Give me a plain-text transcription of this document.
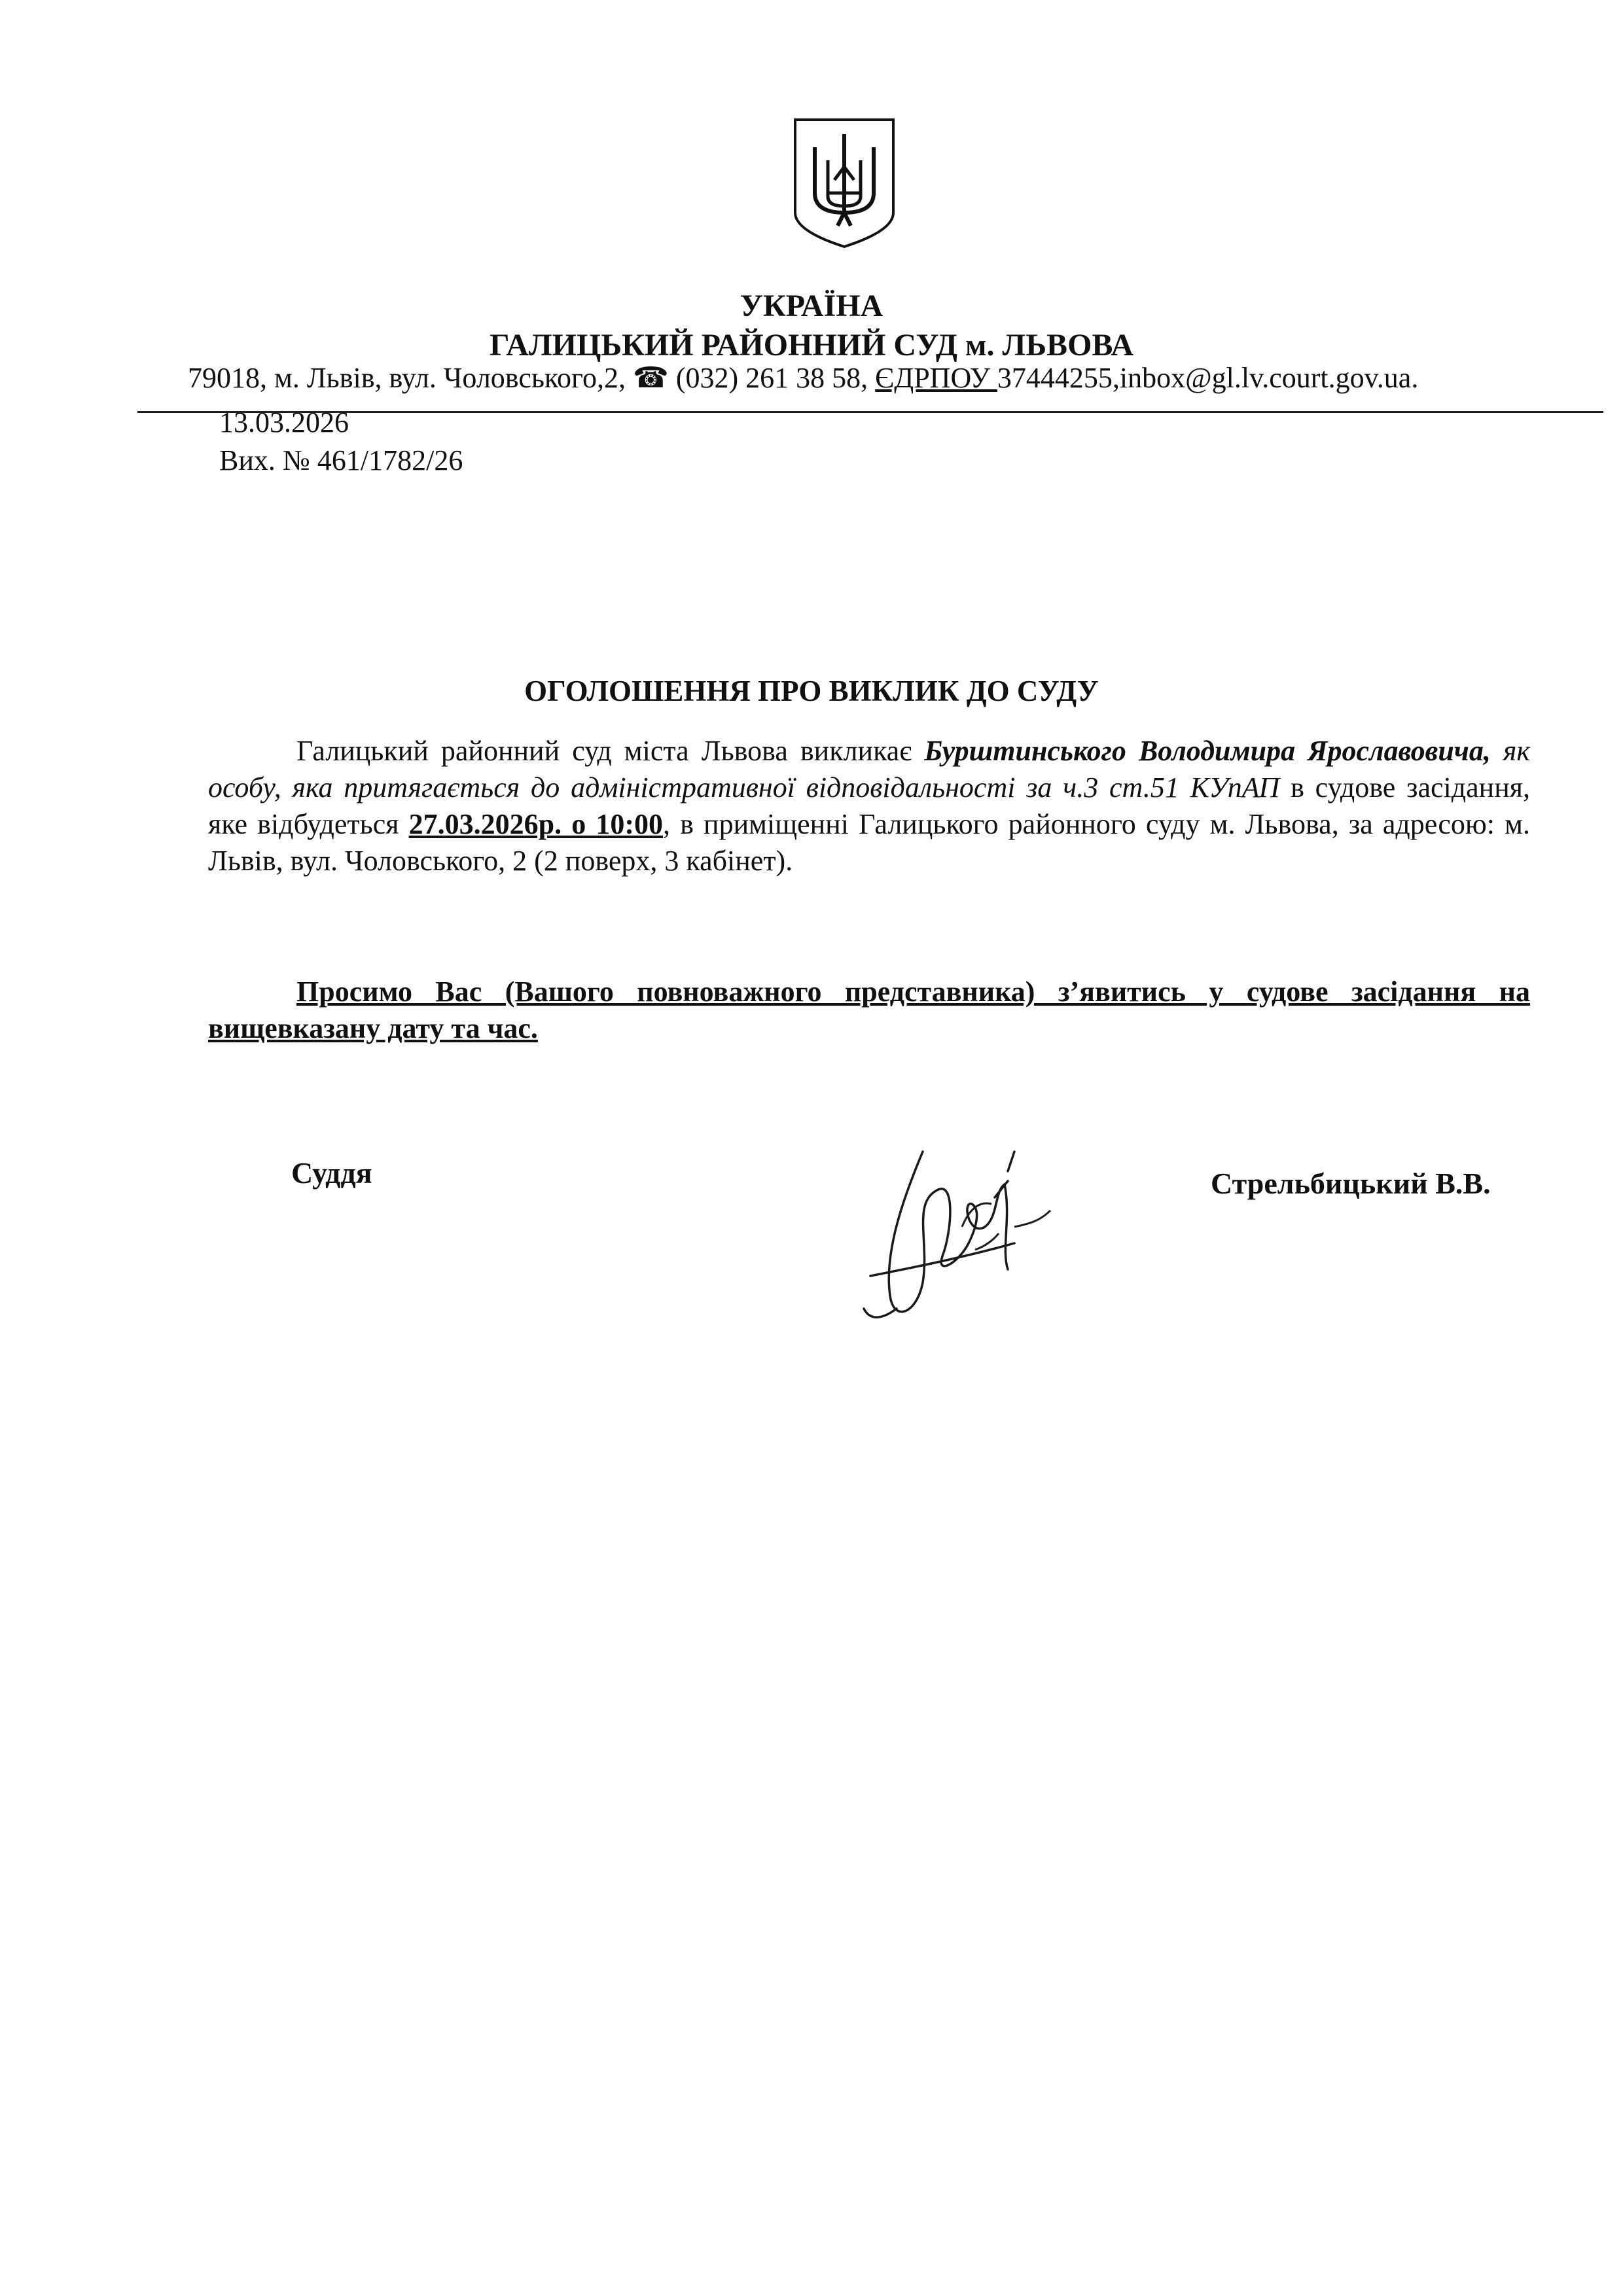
УКРАЇНА
ГАЛИЦЬКИЙ РАЙОННИЙ СУД м. ЛЬВОВА
79018, м. Львів, вул. Чоловського,2, ☎ (032) 261 38 58, ЄДРПОУ 37444255,inbox@gl.lv.court.gov.ua.
13.03.2026
Вих. № 461/1782/26
ОГОЛОШЕННЯ ПРО ВИКЛИК ДО СУДУ
Галицький районний суд міста Львова викликає Бурштинського Володимира Ярославовича, як особу, яка притягається до адміністративної відповідальності за ч.3 ст.51 КУпАП в судове засідання, яке відбудеться 27.03.2026р. о 10:00, в приміщенні Галицького районного суду м. Львова, за адресою: м. Львів, вул. Чоловського, 2 (2 поверх, 3 кабінет).
Просимо Вас (Вашого повноважного представника) з’явитись у судове засідання на вищевказану дату та час.
Суддя	Стрельбицький В.В.
